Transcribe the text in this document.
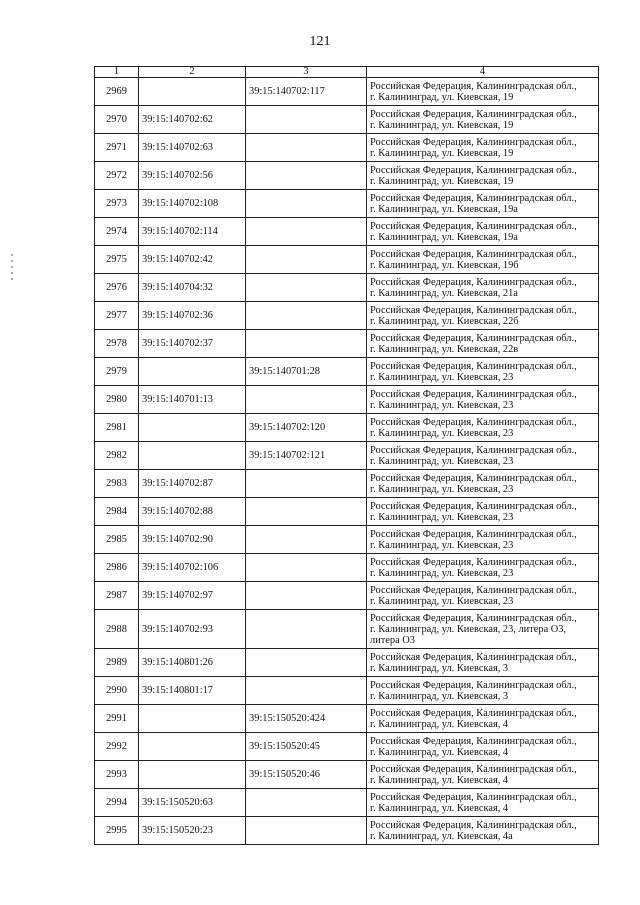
121
1	2	3	4
2969		39:15:140702:117	Российская Федерация, Калининградская обл.,
г. Калининград, ул. Киевская, 19

2970	39:15:140702:62		Российская Федерация, Калининградская обл.,
г. Калининград, ул. Киевская, 19

2971	39:15:140702:63		Российская Федерация, Калининградская обл.,
г. Калининград, ул. Киевская, 19

2972	39:15:140702:56		Российская Федерация, Калининградская обл.,
г. Калининград, ул. Киевская, 19

2973	39:15:140702:108		Российская Федерация, Калининградская обл.,
г. Калининград, ул. Киевская, 19а

2974	39:15:140702:114		Российская Федерация, Калининградская обл.,
г. Калининград, ул. Киевская, 19а

2975	39:15:140702:42		Российская Федерация, Калининградская обл.,
г. Калининград, ул. Киевская, 19б

2976	39:15:140704:32		Российская Федерация, Калининградская обл.,
г. Калининград, ул. Киевская, 21а

2977	39:15:140702:36		Российская Федерация, Калининградская обл.,
г. Калининград, ул. Киевская, 22б

2978	39:15:140702:37		Российская Федерация, Калининградская обл.,
г. Калининград, ул. Киевская, 22в

2979		39:15:140701:28	Российская Федерация, Калининградская обл.,
г. Калининград, ул. Киевская, 23

2980	39:15:140701:13		Российская Федерация, Калининградская обл.,
г. Калининград, ул. Киевская, 23

2981		39:15:140702:120	Российская Федерация, Калининградская обл.,
г. Калининград, ул. Киевская, 23

2982		39:15:140702:121	Российская Федерация, Калининградская обл.,
г. Калининград, ул. Киевская, 23

2983	39:15:140702:87		Российская Федерация, Калининградская обл.,
г. Калининград, ул. Киевская, 23

2984	39:15:140702:88		Российская Федерация, Калининградская обл.,
г. Калининград, ул. Киевская, 23

2985	39:15:140702:90		Российская Федерация, Калининградская обл.,
г. Калининград, ул. Киевская, 23

2986	39:15:140702:106		Российская Федерация, Калининградская обл.,
г. Калининград, ул. Киевская, 23

2987	39:15:140702:97		Российская Федерация, Калининградская обл.,
г. Калининград, ул. Киевская, 23

2988	39:15:140702:93		Российская Федерация, Калининградская обл.,
г. Калининград, ул. Киевская, 23, литера О3,
литера О3

2989	39:15:140801:26		Российская Федерация, Калининградская обл.,
г. Калининград, ул. Киевская, 3

2990	39:15:140801:17		Российская Федерация, Калининградская обл.,
г. Калининград, ул. Киевская, 3

2991		39:15:150520:424	Российская Федерация, Калининградская обл.,
г. Калининград, ул. Киевская, 4

2992		39:15:150520:45	Российская Федерация, Калининградская обл.,
г. Калининград, ул. Киевская, 4

2993		39:15:150520:46	Российская Федерация, Калининградская обл.,
г. Калининград, ул. Киевская, 4

2994	39:15:150520:63		Российская Федерация, Калининградская обл.,
г. Калининград, ул. Киевская, 4

2995	39:15:150520:23		Российская Федерация, Калининградская обл.,
г. Калининград, ул. Киевская, 4а
